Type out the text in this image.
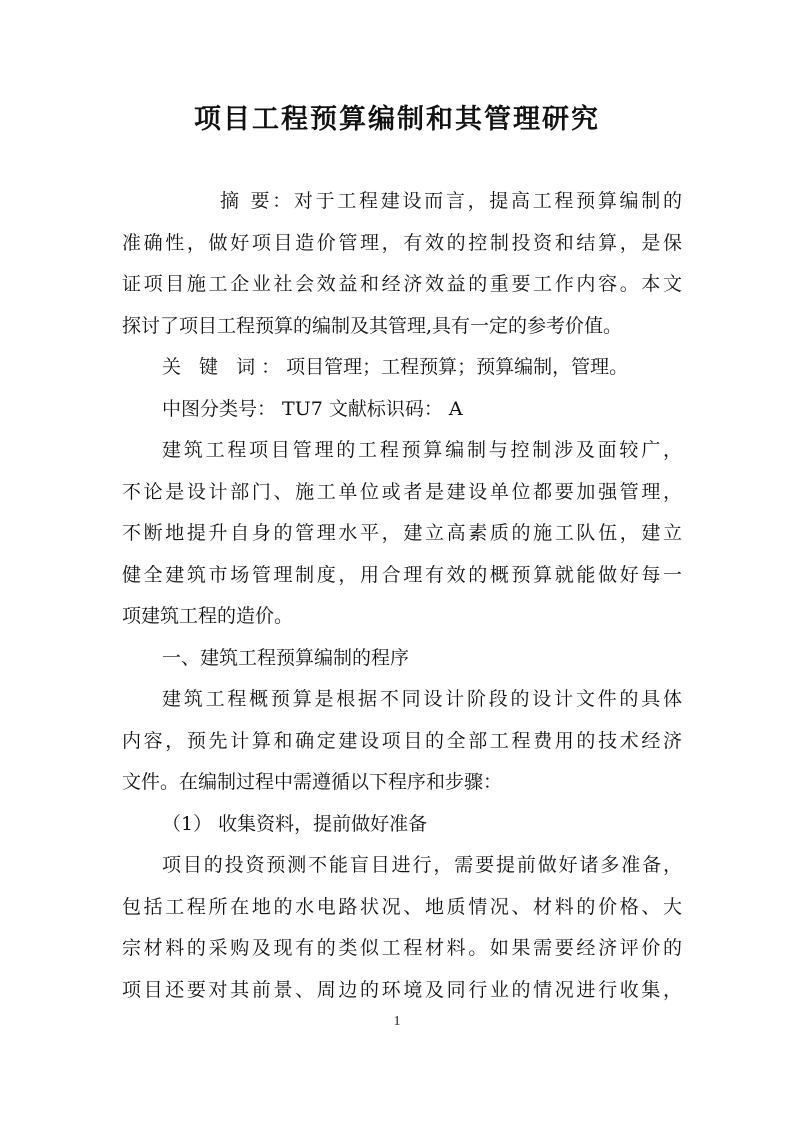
项目工程预算编制和其管理研究
摘 要：对于工程建设而言，提高工程预算编制的
准确性，做好项目造价管理，有效的控制投资和结算，是保
证项目施工企业社会效益和经济效益的重要工作内容。本文
探讨了项目工程预算的编制及其管理,具有一定的参考价值。
关 键 词：项目管理；工程预算；预算编制，管理。
中图分类号： TU7 文献标识码： A
建筑工程项目管理的工程预算编制与控制涉及面较广，
不论是设计部门、施工单位或者是建设单位都要加强管理，
不断地提升自身的管理水平，建立高素质的施工队伍，建立
健全建筑市场管理制度，用合理有效的概预算就能做好每一
项建筑工程的造价。
一、建筑工程预算编制的程序
建筑工程概预算是根据不同设计阶段的设计文件的具体
内容，预先计算和确定建设项目的全部工程费用的技术经济
文件。在编制过程中需遵循以下程序和步骤：
（1） 收集资料，提前做好准备
项目的投资预测不能盲目进行，需要提前做好诸多准备，
包括工程所在地的水电路状况、地质情况、材料的价格、大
宗材料的采购及现有的类似工程材料。如果需要经济评价的
项目还要对其前景、周边的环境及同行业的情况进行收集，
1
